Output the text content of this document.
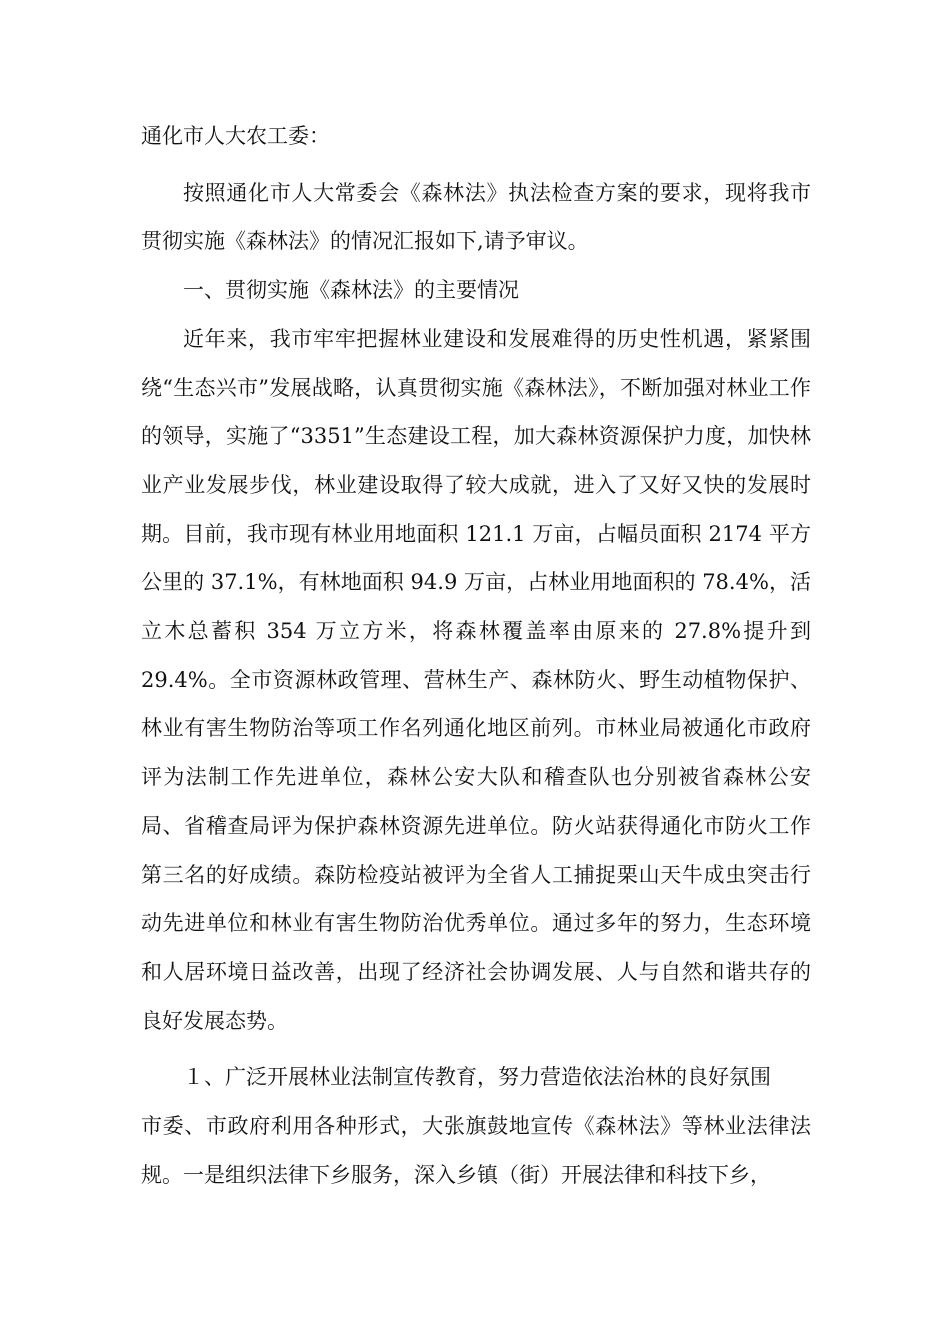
通化市人大农工委：

按照通化市人大常委会《森林法》执法检查方案的要求，现将我市贯彻实施《森林法》的情况汇报如下,请予审议。

一、贯彻实施《森林法》的主要情况

近年来，我市牢牢把握林业建设和发展难得的历史性机遇，紧紧围绕“生态兴市”发展战略，认真贯彻实施《森林法》，不断加强对林业工作的领导，实施了“3351”生态建设工程，加大森林资源保护力度，加快林业产业发展步伐，林业建设取得了较大成就，进入了又好又快的发展时期。目前，我市现有林业用地面积 121.1 万亩，占幅员面积 2174 平方公里的 37.1%，有林地面积 94.9 万亩，占林业用地面积的 78.4%，活立木总蓄积 354 万立方米，将森林覆盖率由原来的 27.8%提升到 29.4%。全市资源林政管理、营林生产、森林防火、野生动植物保护、林业有害生物防治等项工作名列通化地区前列。市林业局被通化市政府评为法制工作先进单位，森林公安大队和稽查队也分别被省森林公安局、省稽查局评为保护森林资源先进单位。防火站获得通化市防火工作第三名的好成绩。森防检疫站被评为全省人工捕捉栗山天牛成虫突击行动先进单位和林业有害生物防治优秀单位。通过多年的努力，生态环境和人居环境日益改善，出现了经济社会协调发展、人与自然和谐共存的良好发展态势。

１、广泛开展林业法制宣传教育，努力营造依法治林的良好氛围

市委、市政府利用各种形式，大张旗鼓地宣传《森林法》等林业法律法规。一是组织法律下乡服务，深入乡镇（街）开展法律和科技下乡，
